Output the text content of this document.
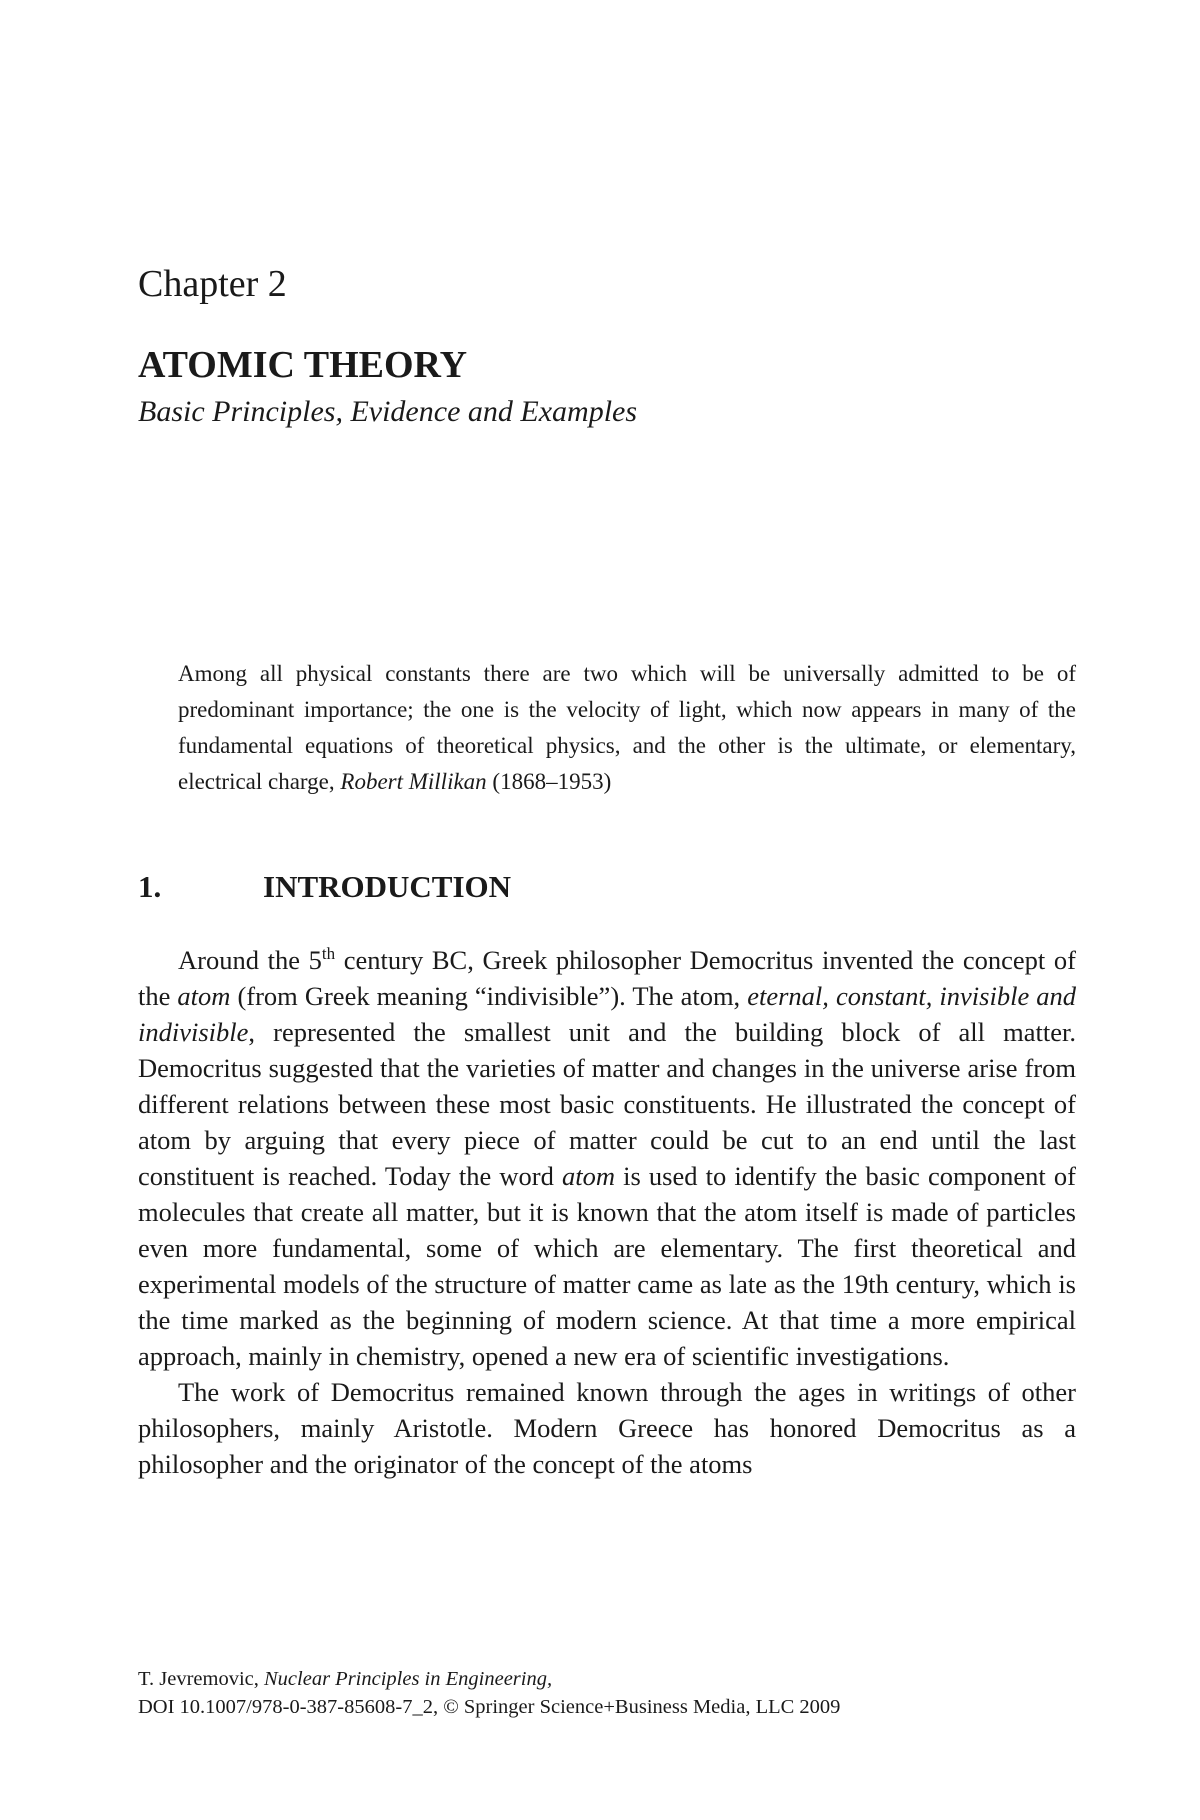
Chapter 2
ATOMIC THEORY
Basic Principles, Evidence and Examples

Among all physical constants there are two which will be universally admitted to be of predominant importance; the one is the velocity of light, which now appears in many of the fundamental equations of theoretical physics, and the other is the ultimate, or elementary, electrical charge, Robert Millikan (1868–1953)

1.	INTRODUCTION

Around the 5th century BC, Greek philosopher Democritus invented the concept of the atom (from Greek meaning “indivisible”). The atom, eternal, constant, invisible and indivisible, represented the smallest unit and the building block of all matter. Democritus suggested that the varieties of matter and changes in the universe arise from different relations between these most basic constituents. He illustrated the concept of atom by arguing that every piece of matter could be cut to an end until the last constituent is reached. Today the word atom is used to identify the basic component of molecules that create all matter, but it is known that the atom itself is made of particles even more fundamental, some of which are elementary. The first theoretical and experimental models of the structure of matter came as late as the 19th century, which is the time marked as the beginning of modern science. At that time a more empirical approach, mainly in chemistry, opened a new era of scientific investigations.

The work of Democritus remained known through the ages in writings of other philosophers, mainly Aristotle. Modern Greece has honored Democritus as a philosopher and the originator of the concept of the atoms

T. Jevremovic, Nuclear Principles in Engineering,
DOI 10.1007/978-0-387-85608-7_2, © Springer Science+Business Media, LLC 2009
